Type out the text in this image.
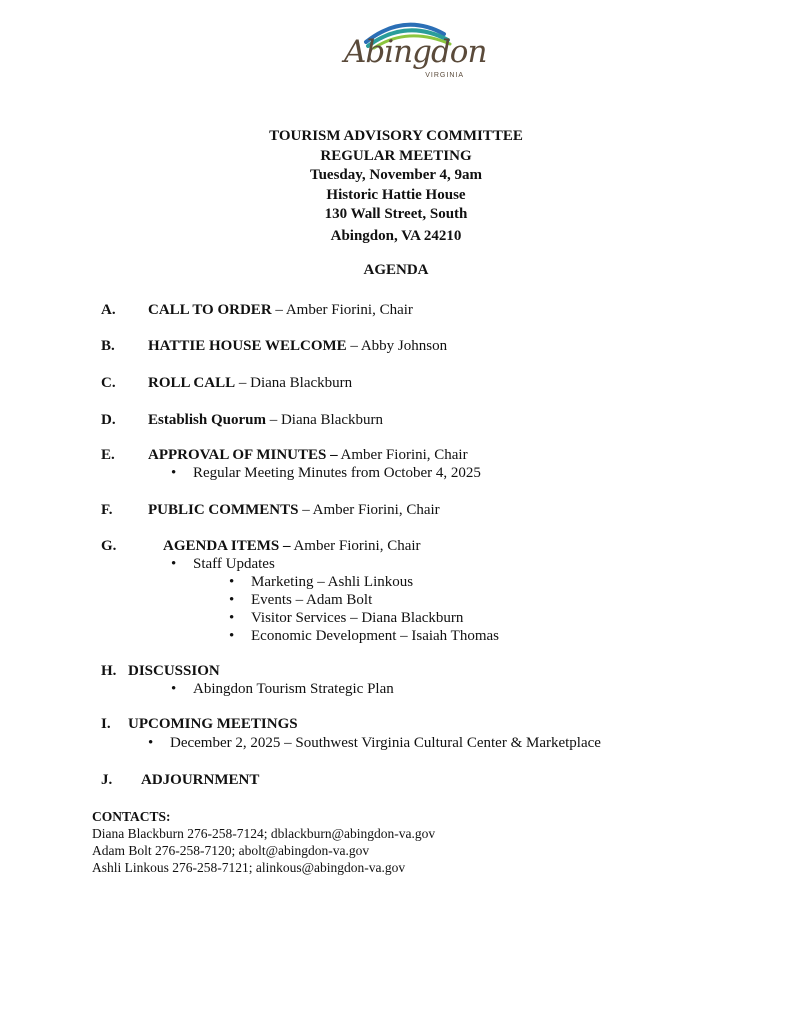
Abingdon
VIRGINIA
TOURISM ADVISORY COMMITTEE
REGULAR MEETING
Tuesday, November 4, 9am
Historic Hattie House
130 Wall Street, South
Abingdon, VA 24210
AGENDA
A. CALL TO ORDER – Amber Fiorini, Chair
B. HATTIE HOUSE WELCOME – Abby Johnson
C. ROLL CALL – Diana Blackburn
D. Establish Quorum – Diana Blackburn
E. APPROVAL OF MINUTES – Amber Fiorini, Chair
• Regular Meeting Minutes from October 4, 2025
F. PUBLIC COMMENTS – Amber Fiorini, Chair
G.	AGENDA ITEMS – Amber Fiorini, Chair
• Staff Updates
• Marketing – Ashli Linkous
• Events – Adam Bolt
• Visitor Services – Diana Blackburn
• Economic Development – Isaiah Thomas
H. DISCUSSION
• Abingdon Tourism Strategic Plan
I. UPCOMING MEETINGS
• December 2, 2025 – Southwest Virginia Cultural Center & Marketplace
J. ADJOURNMENT
CONTACTS:
Diana Blackburn 276-258-7124; dblackburn@abingdon-va.gov
Adam Bolt 276-258-7120; abolt@abingdon-va.gov
Ashli Linkous 276-258-7121; alinkous@abingdon-va.gov
